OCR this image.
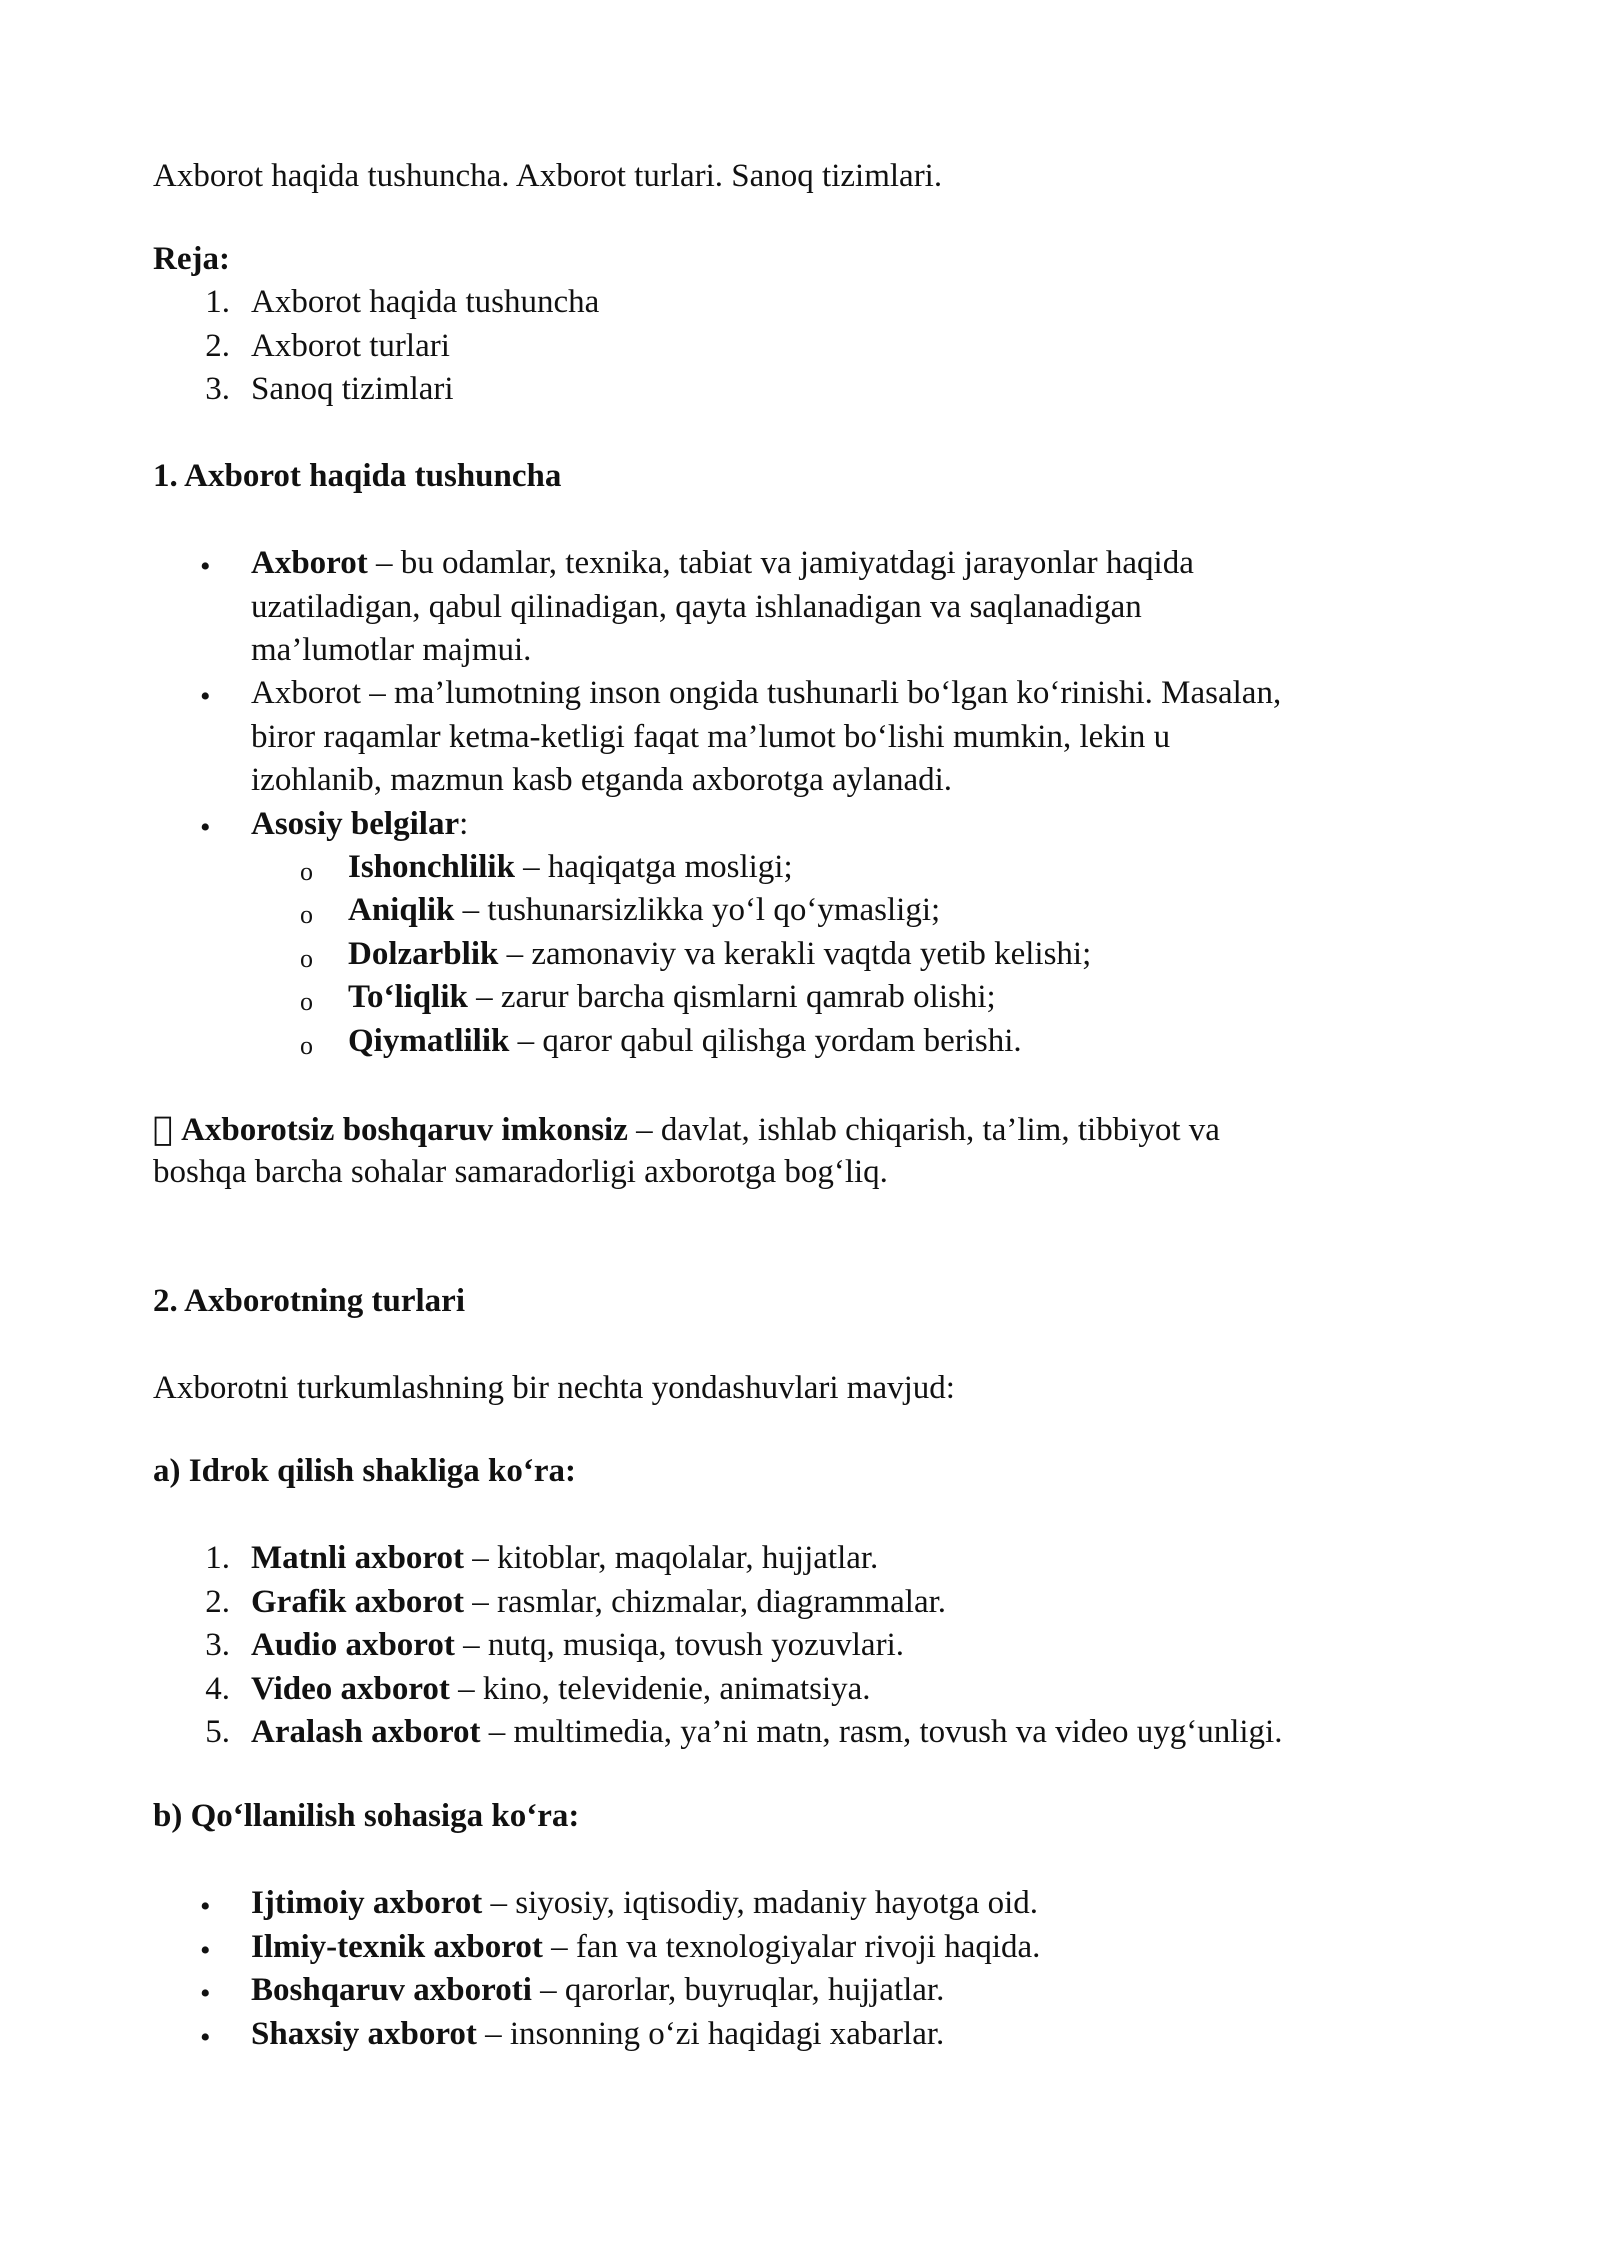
Axborot haqida tushuncha. Axborot turlari. Sanoq tizimlari.
Reja:
1. Axborot haqida tushuncha
2. Axborot turlari
3. Sanoq tizimlari
1. Axborot haqida tushuncha
• Axborot – bu odamlar, texnika, tabiat va jamiyatdagi jarayonlar haqida
uzatiladigan, qabul qilinadigan, qayta ishlanadigan va saqlanadigan
ma’lumotlar majmui.
• Axborot – ma’lumotning inson ongida tushunarli bo‘lgan ko‘rinishi. Masalan,
biror raqamlar ketma-ketligi faqat ma’lumot bo‘lishi mumkin, lekin u
izohlanib, mazmun kasb etganda axborotga aylanadi.
• Asosiy belgilar:
o Ishonchlilik – haqiqatga mosligi;
o Aniqlik – tushunarsizlikka yo‘l qo‘ymasligi;
o Dolzarblik – zamonaviy va kerakli vaqtda yetib kelishi;
o To‘liqlik – zarur barcha qismlarni qamrab olishi;
o Qiymatlilik – qaror qabul qilishga yordam berishi.
Axborotsiz boshqaruv imkonsiz – davlat, ishlab chiqarish, ta’lim, tibbiyot va
boshqa barcha sohalar samaradorligi axborotga bog‘liq.
2. Axborotning turlari
Axborotni turkumlashning bir nechta yondashuvlari mavjud:
a) Idrok qilish shakliga ko‘ra:
1. Matnli axborot – kitoblar, maqolalar, hujjatlar.
2. Grafik axborot – rasmlar, chizmalar, diagrammalar.
3. Audio axborot – nutq, musiqa, tovush yozuvlari.
4. Video axborot – kino, televidenie, animatsiya.
5. Aralash axborot – multimedia, ya’ni matn, rasm, tovush va video uyg‘unligi.
b) Qo‘llanilish sohasiga ko‘ra:
• Ijtimoiy axborot – siyosiy, iqtisodiy, madaniy hayotga oid.
• Ilmiy-texnik axborot – fan va texnologiyalar rivoji haqida.
• Boshqaruv axboroti – qarorlar, buyruqlar, hujjatlar.
• Shaxsiy axborot – insonning o‘zi haqidagi xabarlar.
